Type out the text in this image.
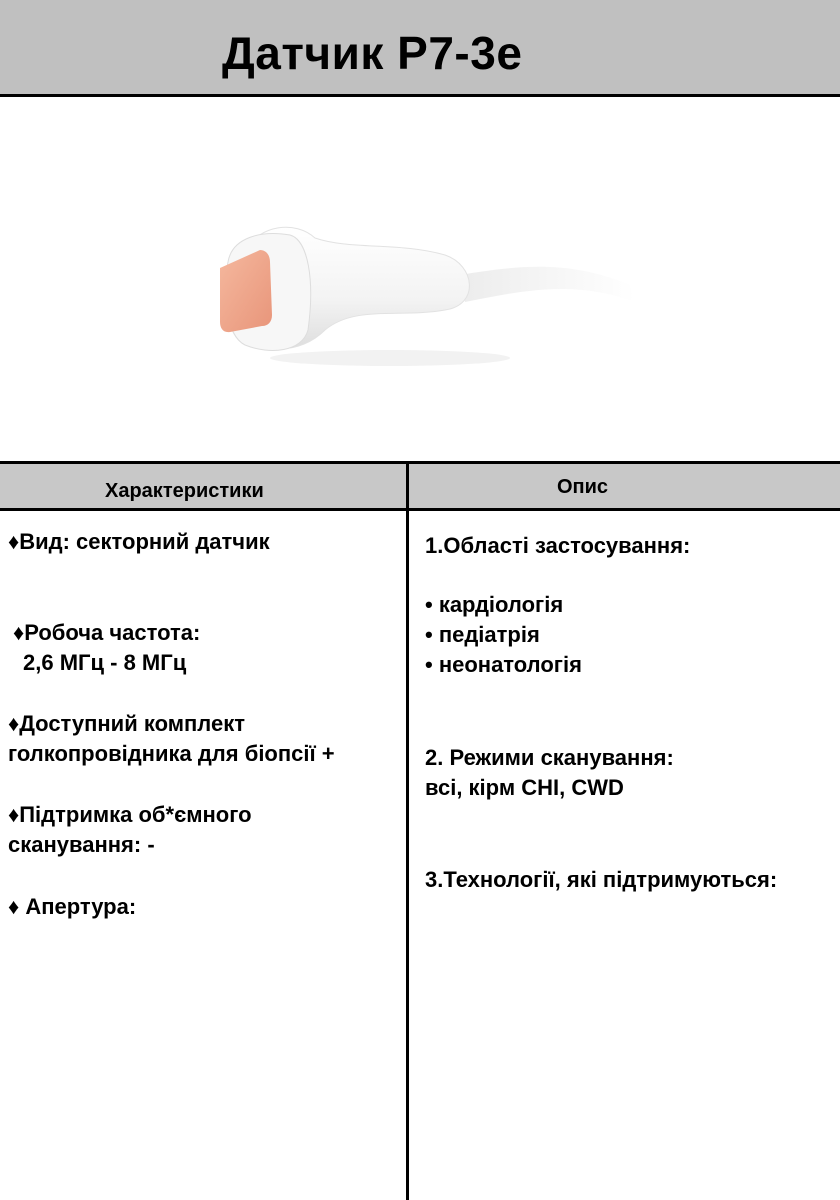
Датчик P7-3e
Характеристики	Опис
♦Вид: секторний датчик
♦Робоча частота:
2,6 МГц - 8 МГц
♦Доступний комплект
голкопровідника для біопсії +
♦Підтримка об*ємного
сканування: -
♦ Апертура:
1.Області застосування:
• кардіологія
• педіатрія
• неонатологія
2. Режими сканування:
всі, кірм CHI, CWD
3.Технології, які підтримуються:
